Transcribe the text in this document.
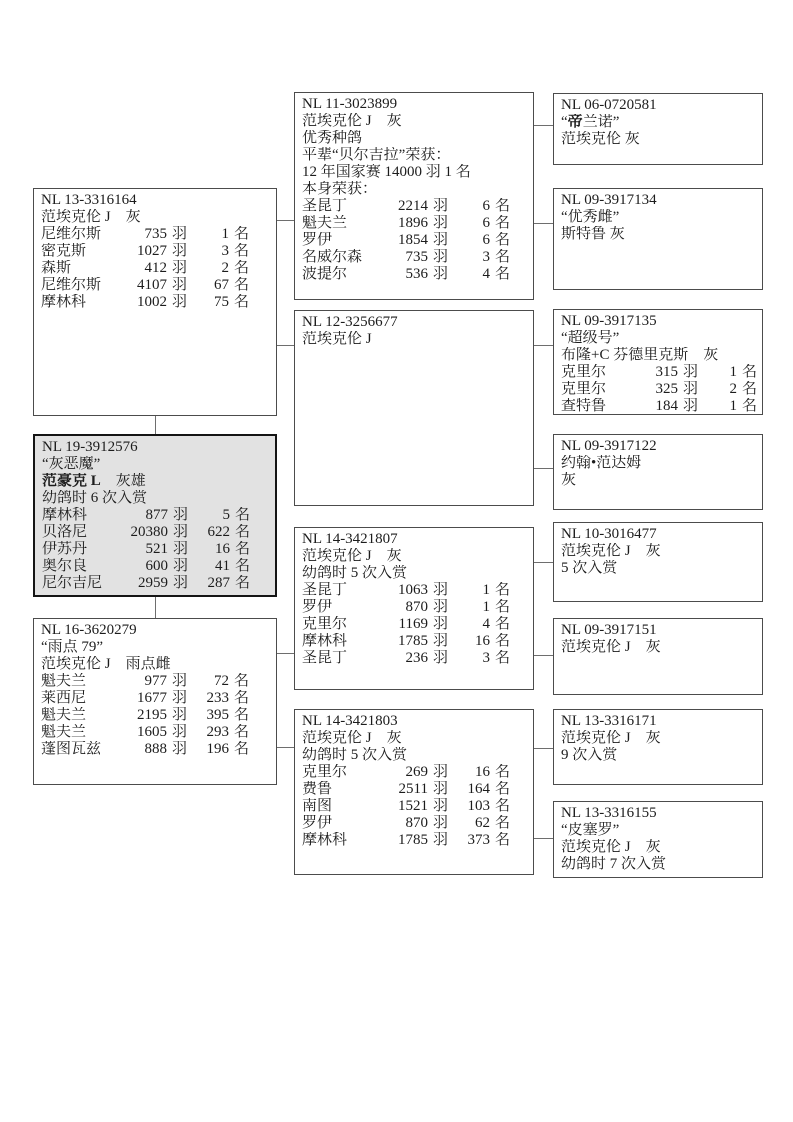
NL 13-3316164
范埃克伦 J　灰
尼维尔斯	735 羽	1 名
密克斯	1027 羽	3 名
森斯	412 羽	2 名
尼维尔斯	4107 羽	67 名
摩林科	1002 羽	75 名
NL 19-3912576
“灰恶魔”
范豪克 L　灰雄
幼鸽时 6 次入赏
摩林科	877 羽	5 名
贝洛尼	20380 羽	622 名
伊苏丹	521 羽	16 名
奥尔良	600 羽	41 名
尼尔吉尼	2959 羽	287 名
NL 16-3620279
“雨点 79”
范埃克伦 J　雨点雌
魁夫兰	977 羽	72 名
莱西尼	1677 羽	233 名
魁夫兰	2195 羽	395 名
魁夫兰	1605 羽	293 名
蓬图瓦兹	888 羽	196 名
NL 11-3023899
范埃克伦 J　灰
优秀种鸽
平辈“贝尔吉拉”荣获：
12 年国家赛 14000 羽 1 名
本身荣获：
圣昆丁	2214 羽	6 名
魁夫兰	1896 羽	6 名
罗伊	1854 羽	6 名
名威尔森	735 羽	3 名
波提尔	536 羽	4 名
NL 12-3256677
范埃克伦 J
NL 14-3421807
范埃克伦 J　灰
幼鸽时 5 次入赏
圣昆丁	1063 羽	1 名
罗伊	870 羽	1 名
克里尔	1169 羽	4 名
摩林科	1785 羽	16 名
圣昆丁	236 羽	3 名
NL 14-3421803
范埃克伦 J　灰
幼鸽时 5 次入赏
克里尔	269 羽	16 名
费鲁	2511 羽	164 名
南图	1521 羽	103 名
罗伊	870 羽	62 名
摩林科	1785 羽	373 名
NL 06-0720581
“帝兰诺”
范埃克伦 灰
NL 09-3917134
“优秀雌”
斯特鲁 灰
NL 09-3917135
“超级号”
布隆+C 芬德里克斯　灰
克里尔	315 羽	1 名
克里尔	325 羽	2 名
查特鲁	184 羽	1 名
NL 09-3917122
约翰•范达姆
灰
NL 10-3016477
范埃克伦 J　灰
5 次入赏
NL 09-3917151
范埃克伦 J　灰
NL 13-3316171
范埃克伦 J　灰
9 次入赏
NL 13-3316155
“皮塞罗”
范埃克伦 J　灰
幼鸽时 7 次入赏
